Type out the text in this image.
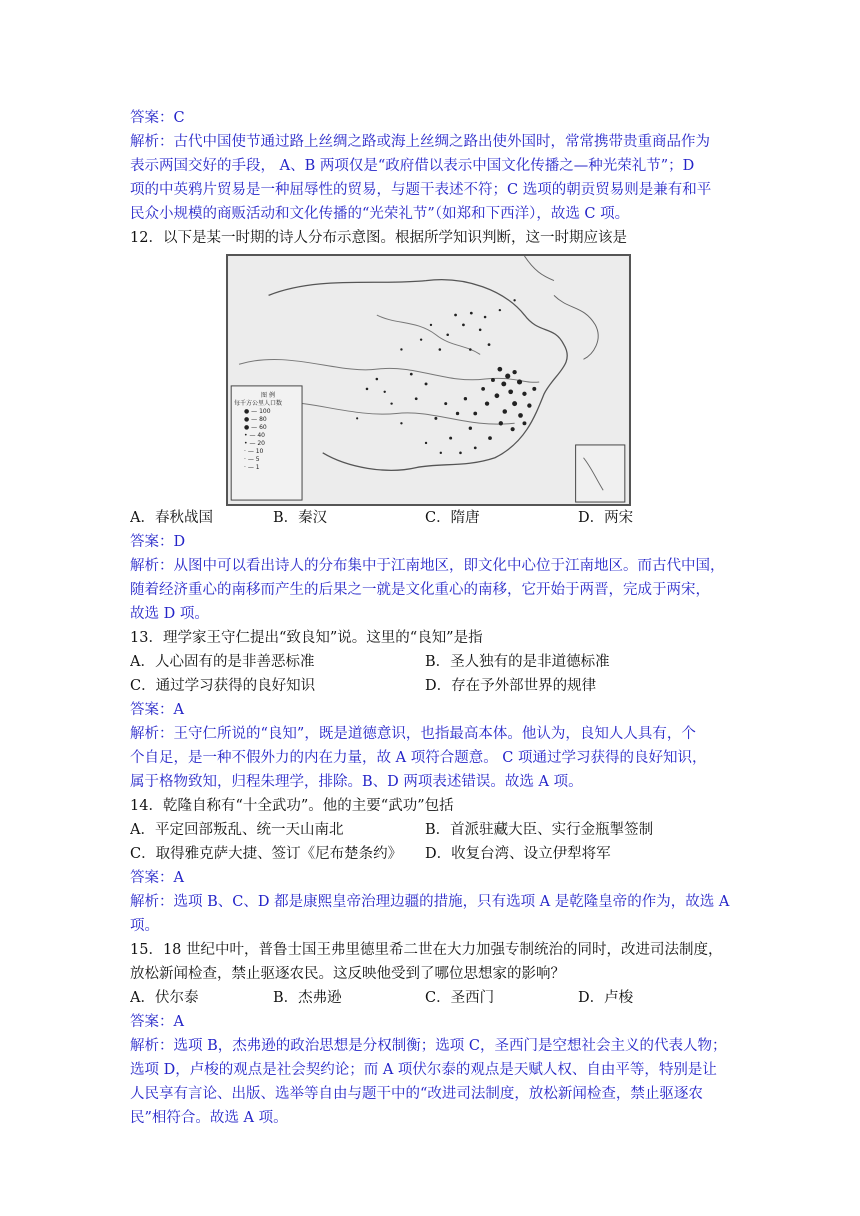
答案：C
解析：古代中国使节通过路上丝绸之路或海上丝绸之路出使外国时，常常携带贵重商品作为
表示两国交好的手段， A、B 两项仅是“政府借以表示中国文化传播之—种光荣礼节”；D
项的中英鸦片贸易是一种屈辱性的贸易，与题干表述不符；C 选项的朝贡贸易则是兼有和平
民众小规模的商贩活动和文化传播的“光荣礼节”（如郑和下西洋），故选 C 项。
12．以下是某一时期的诗人分布示意图。根据所学知识判断，这一时期应该是
图 例
每千方公里人口数
● — 100
● — 80
● — 60
• — 40
• — 20
· — 10
· — 5
· — 1
A．春秋战国	B．秦汉	C．隋唐	D．两宋
答案：D
解析：从图中可以看出诗人的分布集中于江南地区，即文化中心位于江南地区。而古代中国，
随着经济重心的南移而产生的后果之一就是文化重心的南移，它开始于两晋，完成于两宋，
故选 D 项。
13．理学家王守仁提出“致良知”说。这里的“良知”是指
A．人心固有的是非善恶标准	B．圣人独有的是非道德标准
C．通过学习获得的良好知识	D．存在予外部世界的规律
答案：A
解析：王守仁所说的“良知”，既是道德意识，也指最高本体。他认为，良知人人具有，个
个自足，是一种不假外力的内在力量，故 A 项符合题意。 C 项通过学习获得的良好知识，
属于格物致知，归程朱理学，排除。B、D 两项表述错误。故选 A 项。
14．乾隆自称有“十全武功”。他的主要“武功”包括
A．平定回部叛乱、统一天山南北	B．首派驻藏大臣、实行金瓶掣签制
C．取得雅克萨大捷、签订《尼布楚条约》	D．收复台湾、设立伊犁将军
答案：A
解析：选项 B、C、D 都是康熙皇帝治理边疆的措施，只有选项 A 是乾隆皇帝的作为，故选 A
项。
15．18 世纪中叶，普鲁士国王弗里德里希二世在大力加强专制统治的同时，改进司法制度，
放松新闻检查，禁止驱逐农民。这反映他受到了哪位思想家的影响？
A．伏尔泰	B．杰弗逊	C．圣西门	D．卢梭
答案：A
解析：选项 B，杰弗逊的政治思想是分权制衡；选项 C，圣西门是空想社会主义的代表人物；
选项 D，卢梭的观点是社会契约论；而 A 项伏尔泰的观点是天赋人权、自由平等，特别是让
人民享有言论、出版、选举等自由与题干中的“改进司法制度，放松新闻检查，禁止驱逐农
民”相符合。故选 A 项。
